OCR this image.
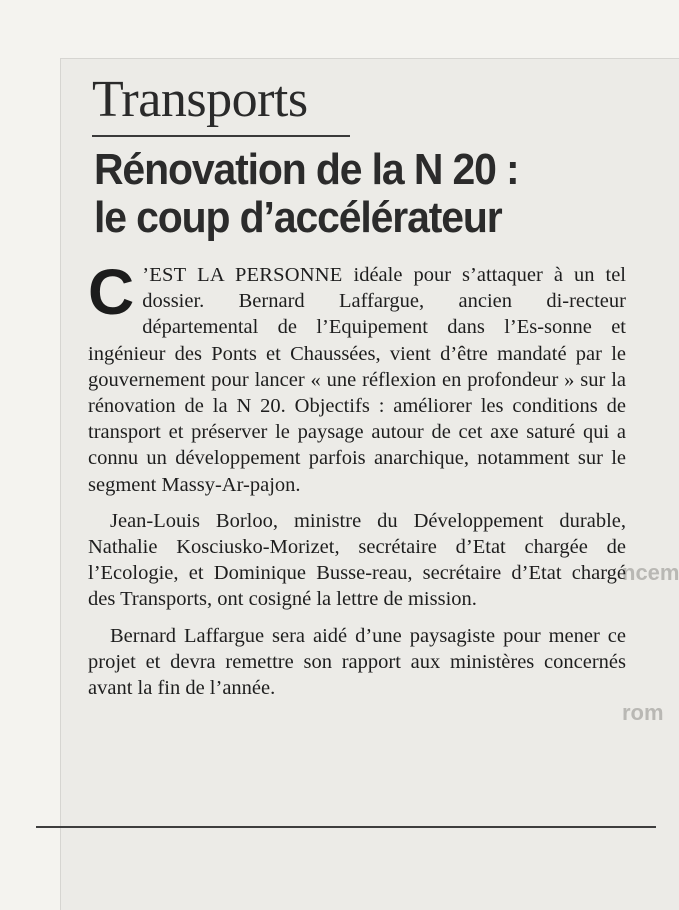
ncem
rom
Transports
Rénovation de la N 20 :
le coup d’accélérateur

C ’EST LA PERSONNE idéale pour s’attaquer à un tel dossier. Bernard Laffargue, ancien di-recteur départemental de l’Equipement dans l’Es-sonne et ingénieur des Ponts et Chaussées, vient d’être mandaté par le gouvernement pour lancer « une réflexion en profondeur » sur la rénovation de la N 20. Objectifs : améliorer les conditions de transport et préserver le paysage autour de cet axe saturé qui a connu un développement parfois anarchique, notamment sur le segment Massy-Ar-pajon.

Jean-Louis Borloo, ministre du Développement durable, Nathalie Kosciusko-Morizet, secrétaire d’Etat chargée de l’Ecologie, et Dominique Busse-reau, secrétaire d’Etat chargé des Transports, ont cosigné la lettre de mission.

Bernard Laffargue sera aidé d’une paysagiste pour mener ce projet et devra remettre son rapport aux ministères concernés avant la fin de l’année.
